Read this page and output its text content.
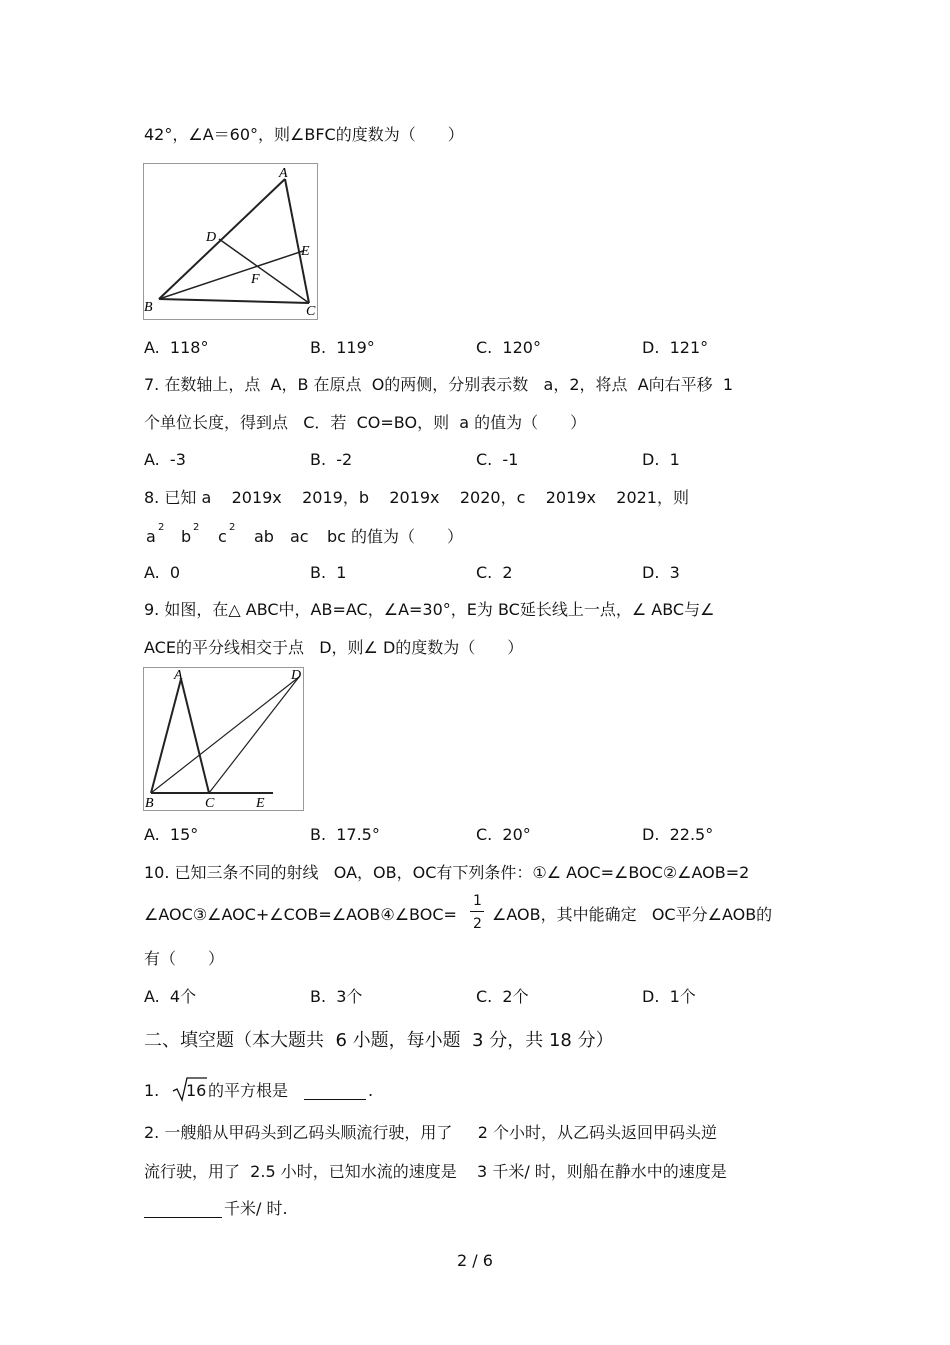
42°，∠A＝60°，则∠BFC的度数为（　　）
A
D
E
F
B	C
A.  118°	B.  119°	C.  120°	D.  121°
7. 在数轴上，点  A，B 在原点  O的两侧，分别表示数   a，2，将点  A向右平移  1
个单位长度，得到点   C．若  CO=BO，则  a 的值为（　　）
A.  -3	B.  -2	C.  -1	D.  1
8. 已知 a    2019x    2019，b    2019x    2020，c    2019x    2021，则
a 2 b 2 c 2 ab ac bc 的值为（　　）
A.  0	B.  1	C.  2	D.  3
9. 如图，在△ ABC中，AB=AC，∠A=30°，E为 BC延长线上一点，∠ ABC与∠
ACE的平分线相交于点   D，则∠ D的度数为（　　）
A	D
B	C	E
A.  15°	B.  17.5°	C.  20°	D.  22.5°
10. 已知三条不同的射线   OA，OB，OC有下列条件：①∠ AOC=∠BOC②∠AOB=2
∠AOC③∠AOC+∠COB=∠AOB④∠BOC=
1
2 ∠AOB，其中能确定   OC平分∠AOB的
有（　　）
A.  4个	B.  3个	C.  2个	D.  1个
二、填空题（本大题共  6 小题，每小题  3 分，共 18 分）
1. 16 的平方根是	.
2. 一艘船从甲码头到乙码头顺流行驶，用了     2 个小时，从乙码头返回甲码头逆
流行驶，用了  2.5 小时，已知水流的速度是    3 千米/ 时，则船在静水中的速度是
千米/ 时.
2 / 6
